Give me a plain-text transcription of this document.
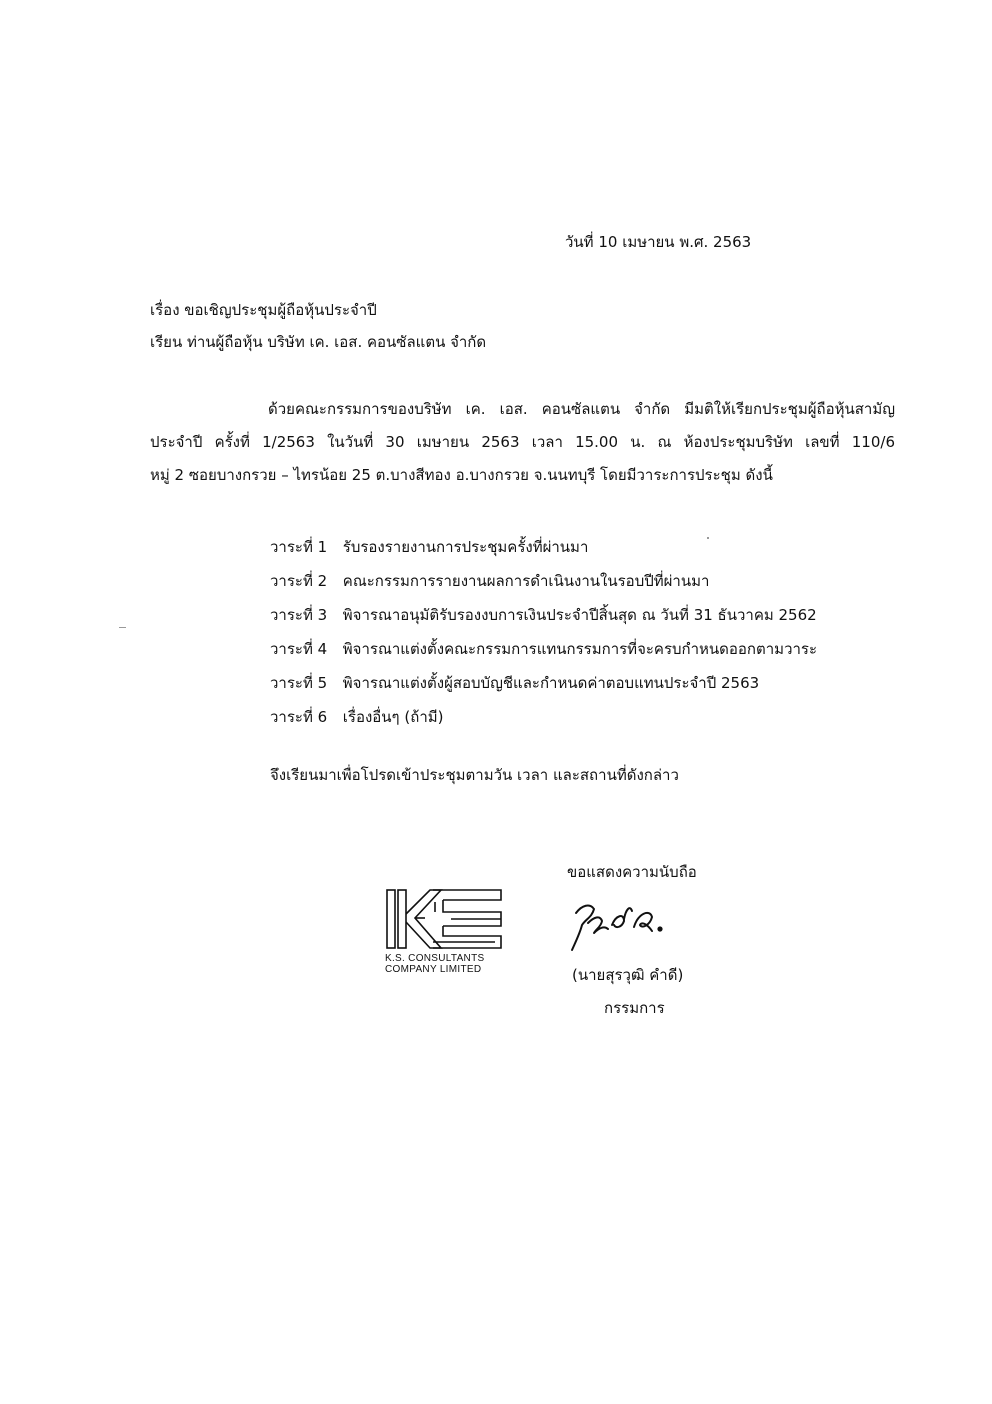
วันที่ 10 เมษายน พ.ศ. 2563
เรื่อง ขอเชิญประชุมผู้ถือหุ้นประจำปี
เรียน ท่านผู้ถือหุ้น บริษัท เค. เอส. คอนซัลแตน จำกัด
ด้วยคณะกรรมการของบริษัท เค. เอส. คอนซัลแตน จำกัด มีมติให้เรียกประชุมผู้ถือหุ้นสามัญ
ประจำปี ครั้งที่ 1/2563 ในวันที่ 30 เมษายน 2563 เวลา 15.00 น. ณ ห้องประชุมบริษัท เลขที่ 110/6
หมู่ 2 ซอยบางกรวย – ไทรน้อย 25 ต.บางสีทอง อ.บางกรวย จ.นนทบุรี โดยมีวาระการประชุม ดังนี้
วาระที่ 1 รับรองรายงานการประชุมครั้งที่ผ่านมา
วาระที่ 2 คณะกรรมการรายงานผลการดำเนินงานในรอบปีที่ผ่านมา
วาระที่ 3 พิจารณาอนุมัติรับรองงบการเงินประจำปีสิ้นสุด ณ วันที่ 31 ธันวาคม 2562
วาระที่ 4 พิจารณาแต่งตั้งคณะกรรมการแทนกรรมการที่จะครบกำหนดออกตามวาระ
วาระที่ 5 พิจารณาแต่งตั้งผู้สอบบัญชีและกำหนดค่าตอบแทนประจำปี 2563
วาระที่ 6 เรื่องอื่นๆ (ถ้ามี)
จึงเรียนมาเพื่อโปรดเข้าประชุมตามวัน เวลา และสถานที่ดังกล่าว
ขอแสดงความนับถือ
K.S. CONSULTANTS
COMPANY LIMITED	(นายสุรวุฒิ คำดี)
กรรมการ
